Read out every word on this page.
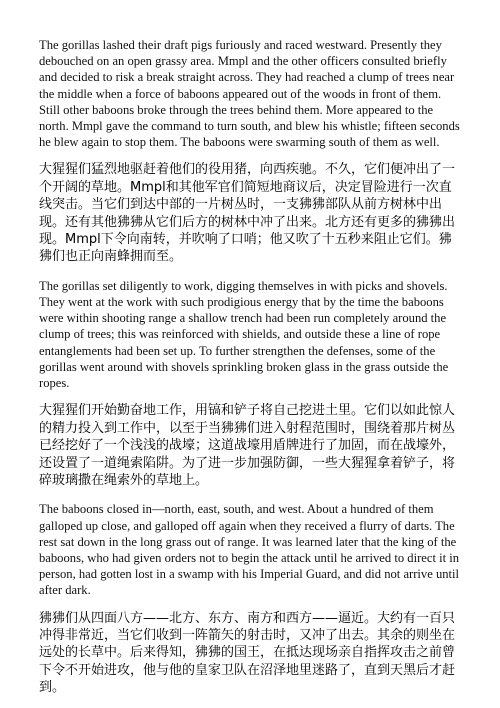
The gorillas lashed their draft pigs furiously and raced westward. Presently they debouched on an open grassy area. Mmpl and the other officers consulted briefly and decided to risk a break straight across. They had reached a clump of trees near the middle when a force of baboons appeared out of the woods in front of them. Still other baboons broke through the trees behind them. More appeared to the north. Mmpl gave the command to turn south, and blew his whistle; fifteen seconds he blew again to stop them. The baboons were swarming south of them as well.

大猩猩们猛烈地驱赶着他们的役用猪，向西疾驰。不久，它们便冲出了一个开阔的草地。Mmpl和其他军官们简短地商议后，决定冒险进行一次直线突击。当它们到达中部的一片树丛时，一支狒狒部队从前方树林中出现。还有其他狒狒从它们后方的树林中冲了出来。北方还有更多的狒狒出现。Mmpl下令向南转，并吹响了口哨；他又吹了十五秒来阻止它们。狒狒们也正向南蜂拥而至。

The gorillas set diligently to work, digging themselves in with picks and shovels. They went at the work with such prodigious energy that by the time the baboons were within shooting range a shallow trench had been run completely around the clump of trees; this was reinforced with shields, and outside these a line of rope entanglements had been set up. To further strengthen the defenses, some of the gorillas went around with shovels sprinkling broken glass in the grass outside the ropes.

大猩猩们开始勤奋地工作，用镐和铲子将自己挖进土里。它们以如此惊人的精力投入到工作中，以至于当狒狒们进入射程范围时，围绕着那片树丛已经挖好了一个浅浅的战壕；这道战壕用盾牌进行了加固，而在战壕外，还设置了一道绳索陷阱。为了进一步加强防御，一些大猩猩拿着铲子，将碎玻璃撒在绳索外的草地上。

The baboons closed in—north, east, south, and west. About a hundred of them galloped up close, and galloped off again when they received a flurry of darts. The rest sat down in the long grass out of range. It was learned later that the king of the baboons, who had given orders not to begin the attack until he arrived to direct it in person, had gotten lost in a swamp with his Imperial Guard, and did not arrive until after dark.

狒狒们从四面八方——北方、东方、南方和西方——逼近。大约有一百只冲得非常近，当它们收到一阵箭矢的射击时，又冲了出去。其余的则坐在远处的长草中。后来得知，狒狒的国王，在抵达现场亲自指挥攻击之前曾下令不开始进攻，他与他的皇家卫队在沼泽地里迷路了，直到天黑后才赶到。
